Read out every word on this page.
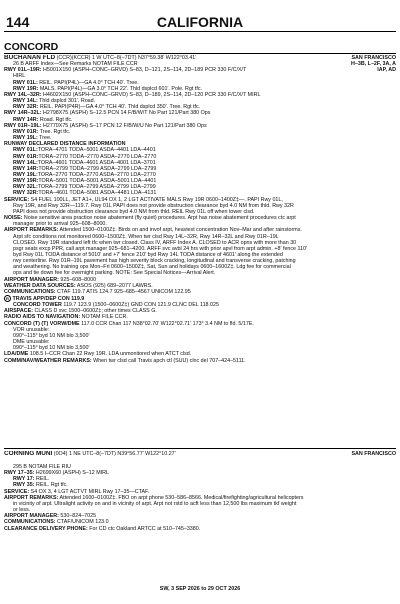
144	CALIFORNIA
CONCORD
BUCHANAN FLD (CCR)(KCCR) 1 W UTC–8(–7DT) N37°59.38′ W122°03.41′	SAN FRANCISCO
26 B ARFF Index—See Remarks NOTAM FILE CCR	H–3B, L–2F, 3A, A
RWY 01L–19R: H5001X150 (ASPH–CONC–GRVD) S–83, D–121, 2S–114, 2D–189 PCR 330 F/C/X/T	IAP, AD
HIRL
RWY 01L: REIL. PAPI(P4L)—GA 4.0° TCH 40′. Tree.
RWY 19R: MALS. PAPI(P4L)—GA 3.0° TCH 22′. Thld dsplcd 601′. Pole. Rgt tfc.
RWY 14L–32R: H4602X150 (ASPH–CONC–GRVD) S–83, D–189, 2S–114, 2D–120 PCR 330 F/C/X/T MIRL
RWY 14L: Thld dsplcd 301′. Road.
RWY 32R: REIL. PAPI(P4R)—GA 4.0° TCH 40′. Thld dsplcd 350′. Tree. Rgt tfc.
RWY 14R–32L: H2798X75 (ASPH) S–12.5 PCN 14 F/B/W/T No Part 121/Part 380 Ops
RWY 14R: Road. Rgt tfc.
RWY 01R–19L: H2770X75 (ASPH) S–17 PCN 12 F/B/W/U No Part 121/Part 380 Ops
RWY 01R: Tree. Rgt tfc.
RWY 19L: Tree.
RUNWAY DECLARED DISTANCE INFORMATION
RWY 01L:TORA–4701 TODA–5001 ASDA–4401 LDA–4401
RWY 01R:TORA–2770 TODA–2770 ASDA–2770 LDA–2770
RWY 14L:TORA–4601 TODA–4601 ASDA–4001 LDA–3701
RWY 14R:TORA–2799 TODA–2799 ASDA–2799 LDA–2799
RWY 19L:TORA–2770 TODA–2770 ASDA–2770 LDA–2770
RWY 19R:TORA–5001 TODA–5001 ASDA–5001 LDA–4401
RWY 32L:TORA–2799 TODA–2799 ASDA–2799 LDA–2799
RWY 32R:TORA–4601 TODA–5081 ASDA–4481 LDA–4131
SERVICE: S4 FUEL 100LL, JET A1+, UL94 OX 1, 2 LGT ACTIVATE MALS Rwy 19R 0600–1400Z‡—. PAPI Rwy 01L,
Rwy 19R, and Rwy 32R—119.7. Rwy 01L PAPI does not provide obstruction clearance byd 4.0 NM from thld. Rwy 32R
PAPI does not provide obstruction clearance byd 4.0 NM from thld. REIL Rwy 01L off when tower clsd.
NOISE: Noise sensitive area practice noise abatement (fly quiet) procedures. Arpt has noise abatement procedures ctc arpt
manager prior to arrival 925–608–8000.
AIRPORT REMARKS: Attended 1500–0100Z‡. Birds on and invof arpt, heaviest concentration Nov–Mar and after rainstorms.
Arpt sfc conditions not monitored 0600–1500Z‡. When twr clsd Rwy 14L–32R, Rwy 14R–32L and Rwy 01R–19L
CLOSED. Rwy 19R standard left tfc when twr closed. Class IV, ARFF Index A. CLOSED to ACR opns with more than 30
psgr seats excp PPR, call arpt manager 925–681–4200. ARFF svc avbl 24 hrs with prior apvl from arpt admin. +8′ fence 110′
byd Rwy 01L TODA distance of 5010′ and +7′ fence 210′ byd Rwy 14L TODA distance of 4601′ along the extended
rwy centerline. Rwy 01R–19L pavement has high severity block cracking, longitudinal and transverse cracking, patching
and weathering. No training ops Mon–Fri 0600–1500Z‡, Sat, Sun and holidays 0600–1600Z‡. Ldg fee for commercial
ops and tie down fee for overnight parking. NOTE: See Special Notices—Arrival Alert.
AIRPORT MANAGER: 925–608–8000
WEATHER DATA SOURCES: ASOS (925) 689–2077 LAWRS.
COMMUNICATIONS: CTAF 119.7 ATIS 124.7 925–685–4567 UNICOM 122.95
R TRAVIS APP/DEP CON 119.9
CONCORD TOWER 119.7 123.9 (1500–0600Z‡) GND CON 121.9 CLNC DEL 118.025
AIRSPACE: CLASS D svc 1500–0600Z‡; other times CLASS G.
RADIO AIDS TO NAVIGATION: NOTAM FILE CCR.
CONCORD (T) (T) VORW/DME 117.0 CCR Chan 117 N38°02.70′ W122°02.71′ 173° 3.4 NM to fld. 5/17E.
VOR unusable:
090°–115° byd 10 NM blo 3,500′
DME unusable:
090°–115° byd 10 NM blo 3,500′
LDA/DME 108.5 I–CCR Chan 22 Rwy 19R. LDA unmonitored when ATCT clsd.
COMM/NAV/WEATHER REMARKS: When twr clsd call Travis apch ctl (SUU) clnc del 707–424–5111.
CORNING MUNI (0O4) 1 NE UTC–8(–7DT) N39°56.77′ W122°10.27′	SAN FRANCISCO
295 B NOTAM FILE RIU
RWY 17–35: H2699X60 (ASPH) S–12 MIRL
RWY 17: REIL.
RWY 35: REIL. Rgt tfc.
SERVICE: S4 OX 3, 4 LGT ACTVT MIRL Rwy 17–35—CTAF.
AIRPORT REMARKS: Attended 1600–0100Z‡. FBO on arpt phone 530–586–8566. Medical/firefighting/agricultural helicopters
in vicinity of arpt. Ultralight activity on and in vicinity of arpt. Arpt not rstd to acft less than 12,500 lbs maximum tkf weight
or less.
AIRPORT MANAGER: 530–824–7025
COMMUNICATIONS: CTAF/UNICOM 123.0
CLEARANCE DELIVERY PHONE: For CD ctc Oakland ARTCC at 510–745–3380.
SW, 3 SEP 2026 to 29 OCT 2026
